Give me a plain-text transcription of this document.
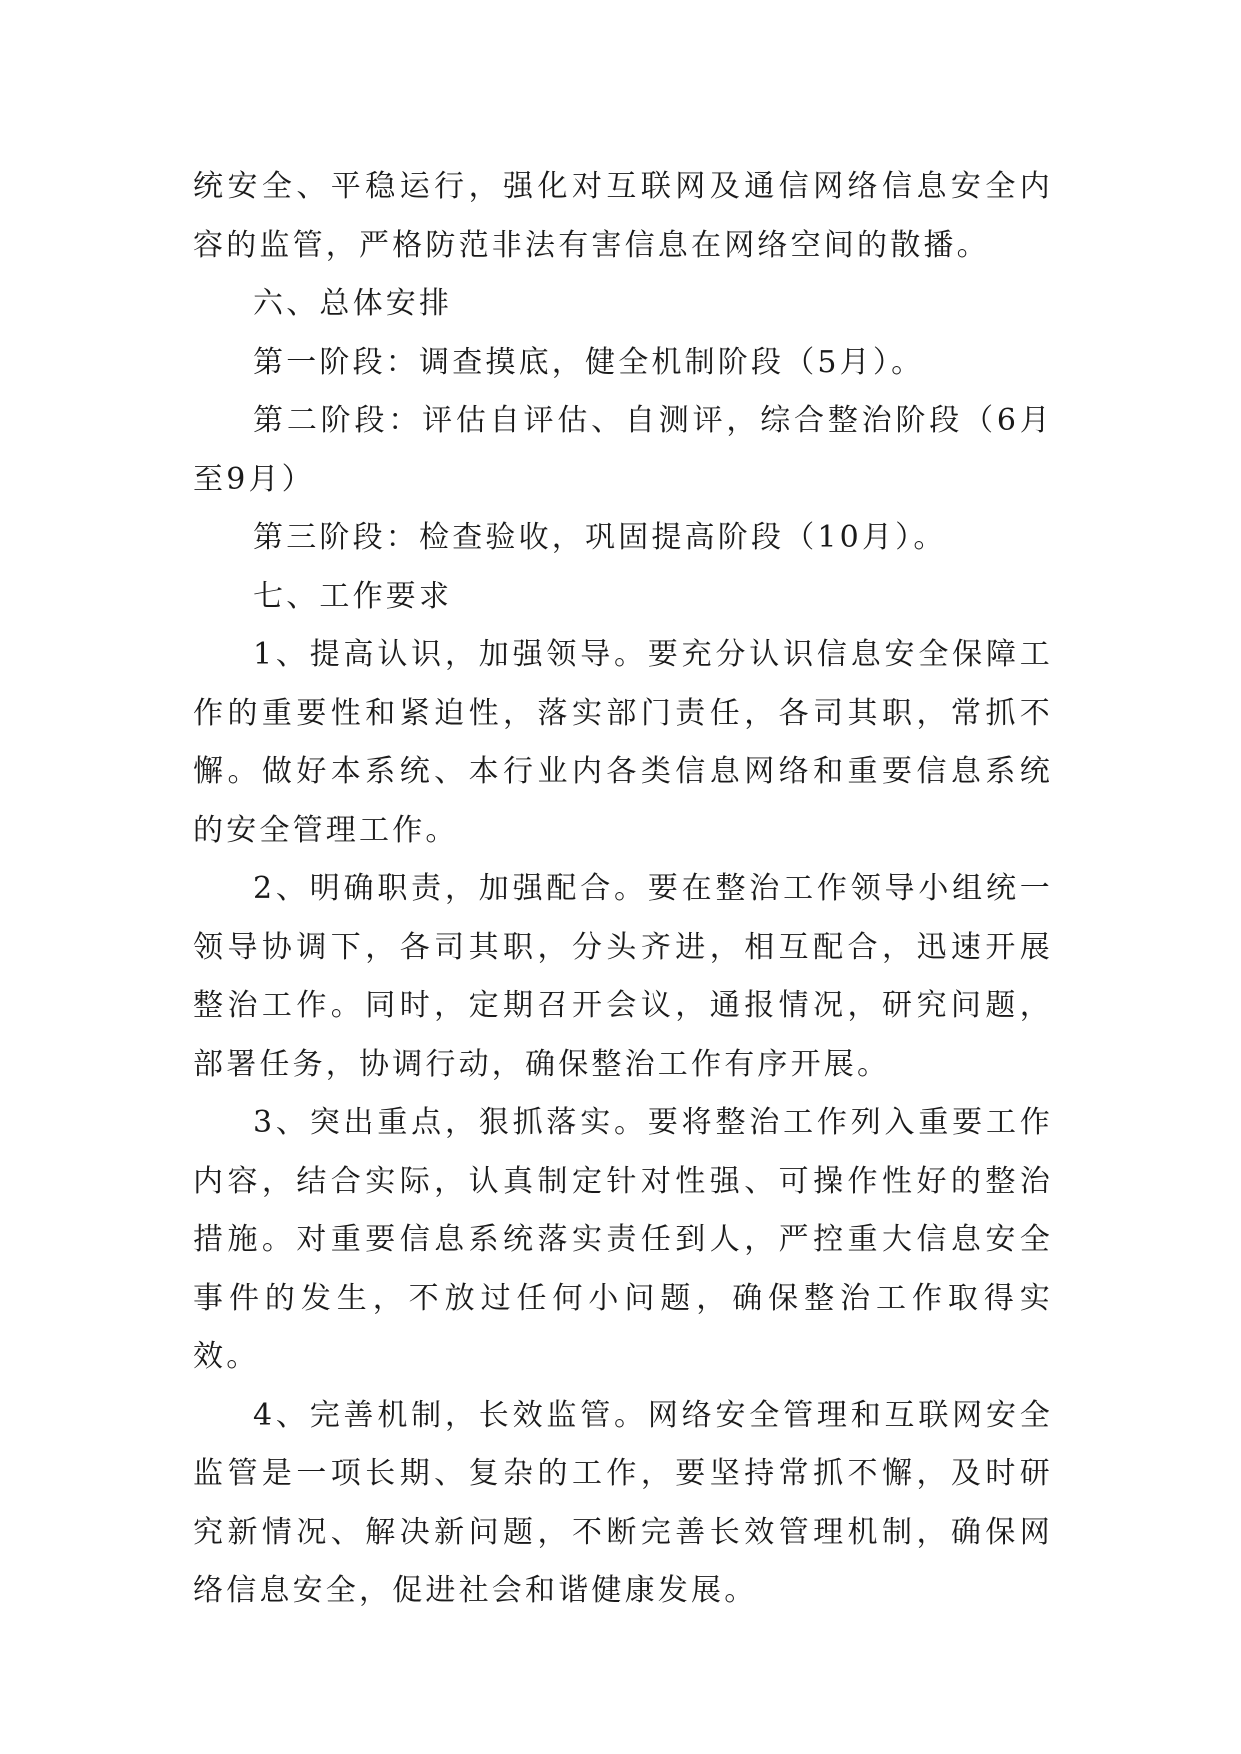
统安全、平稳运行，强化对互联网及通信网络信息安全内容的监管，严格防范非法有害信息在网络空间的散播。

六、总体安排

第一阶段：调查摸底，健全机制阶段（5月）。

第二阶段：评估自评估、自测评，综合整治阶段（6月至9月）

第三阶段：检查验收，巩固提高阶段（10月）。

七、工作要求

1、提高认识，加强领导。要充分认识信息安全保障工作的重要性和紧迫性，落实部门责任，各司其职，常抓不懈。做好本系统、本行业内各类信息网络和重要信息系统的安全管理工作。

2、明确职责，加强配合。要在整治工作领导小组统一领导协调下，各司其职，分头齐进，相互配合，迅速开展整治工作。同时，定期召开会议，通报情况，研究问题，部署任务，协调行动，确保整治工作有序开展。

3、突出重点，狠抓落实。要将整治工作列入重要工作内容，结合实际，认真制定针对性强、可操作性好的整治措施。对重要信息系统落实责任到人，严控重大信息安全事件的发生，不放过任何小问题，确保整治工作取得实效。

4、完善机制，长效监管。网络安全管理和互联网安全监管是一项长期、复杂的工作，要坚持常抓不懈，及时研究新情况、解决新问题，不断完善长效管理机制，确保网络信息安全，促进社会和谐健康发展。
